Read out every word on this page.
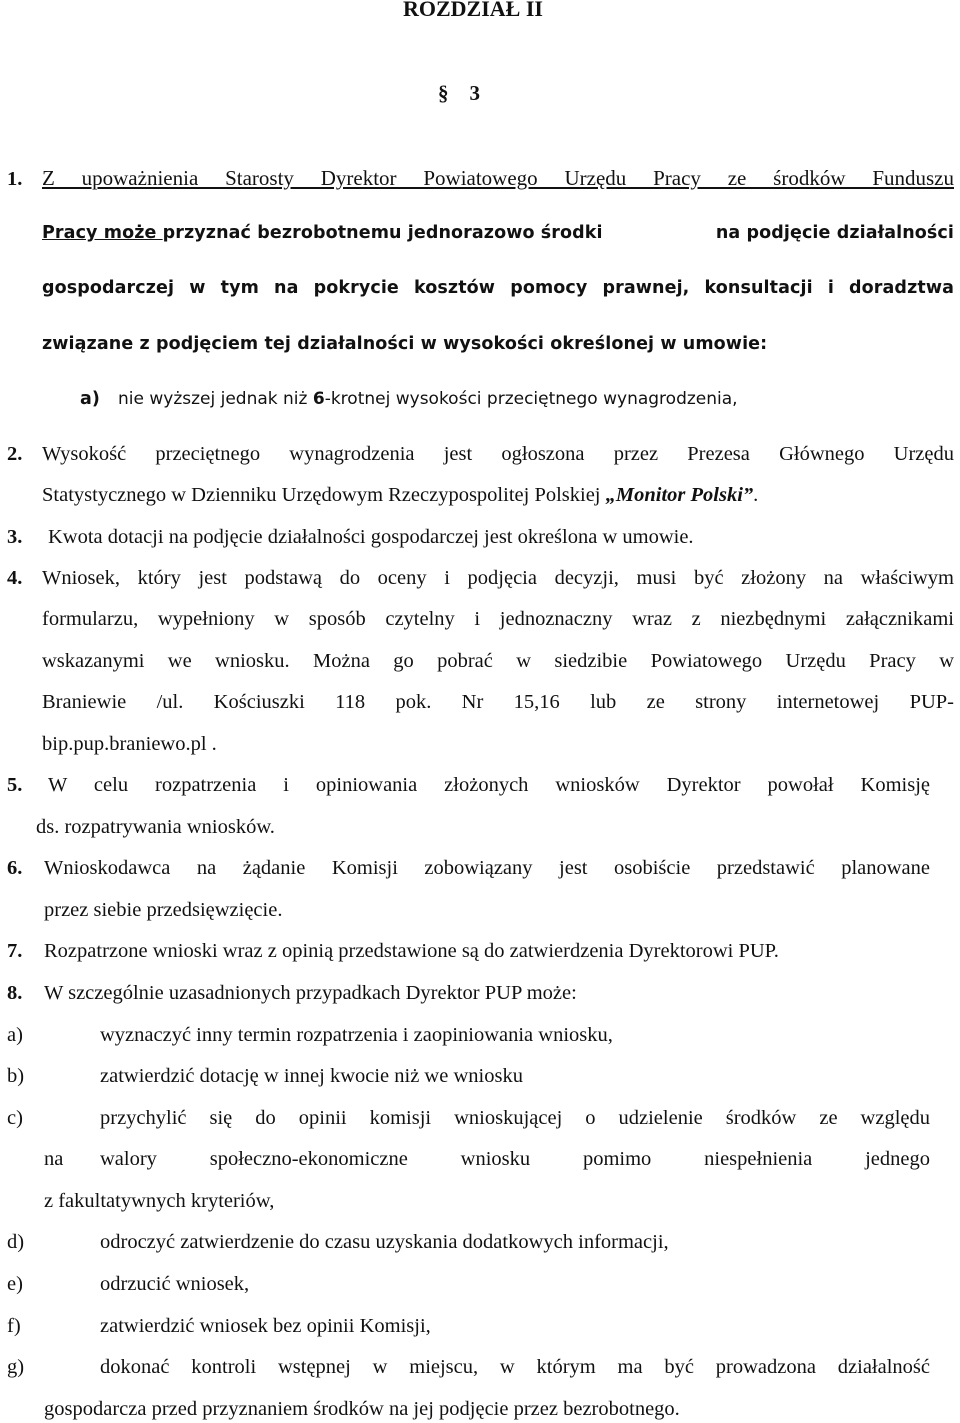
ROZDZIAŁ II
§ 3
1. Z upoważnienia Starosty Dyrektor Powiatowego Urzędu Pracy ze środków Funduszu
Pracy może przyznać bezrobotnemu jednorazowo środki	na podjęcie działalności
gospodarczej w tym na pokrycie kosztów pomocy prawnej, konsultacji i doradztwa
związane z podjęciem tej działalności w wysokości określonej w umowie:
a) nie wyższej jednak niż 6-krotnej wysokości przeciętnego wynagrodzenia,
2. Wysokość przeciętnego wynagrodzenia jest ogłoszona przez Prezesa Głównego Urzędu
Statystycznego w Dzienniku Urzędowym Rzeczypospolitej Polskiej „Monitor Polski”.
3. Kwota dotacji na podjęcie działalności gospodarczej jest określona w umowie.
4. Wniosek, który jest podstawą do oceny i podjęcia decyzji, musi być złożony na właściwym
formularzu, wypełniony w sposób czytelny i jednoznaczny wraz z niezbędnymi załącznikami
wskazanymi we wniosku. Można go pobrać w siedzibie Powiatowego Urzędu Pracy w
Braniewie /ul. Kościuszki 118 pok. Nr 15,16 lub ze strony internetowej PUP-
bip.pup.braniewo.pl .
5. W celu rozpatrzenia i opiniowania złożonych wniosków Dyrektor powołał Komisję
ds. rozpatrywania wniosków.
6. Wnioskodawca na żądanie Komisji zobowiązany jest osobiście przedstawić planowane
przez siebie przedsięwzięcie.
7. Rozpatrzone wnioski wraz z opinią przedstawione są do zatwierdzenia Dyrektorowi PUP.
8. W szczególnie uzasadnionych przypadkach Dyrektor PUP może:
a)	wyznaczyć inny termin rozpatrzenia i zaopiniowania wniosku,
b)	zatwierdzić dotację w innej kwocie niż we wniosku
c)	przychylić się do opinii komisji wnioskującej o udzielenie środków ze względu
na walory społeczno-ekonomiczne wniosku pomimo niespełnienia jednego
z fakultatywnych kryteriów,
d)	odroczyć zatwierdzenie do czasu uzyskania dodatkowych informacji,
e)	odrzucić wniosek,
f)	zatwierdzić wniosek bez opinii Komisji,
g)	dokonać kontroli wstępnej w miejscu, w którym ma być prowadzona działalność
gospodarcza przed przyznaniem środków na jej podjęcie przez bezrobotnego.
